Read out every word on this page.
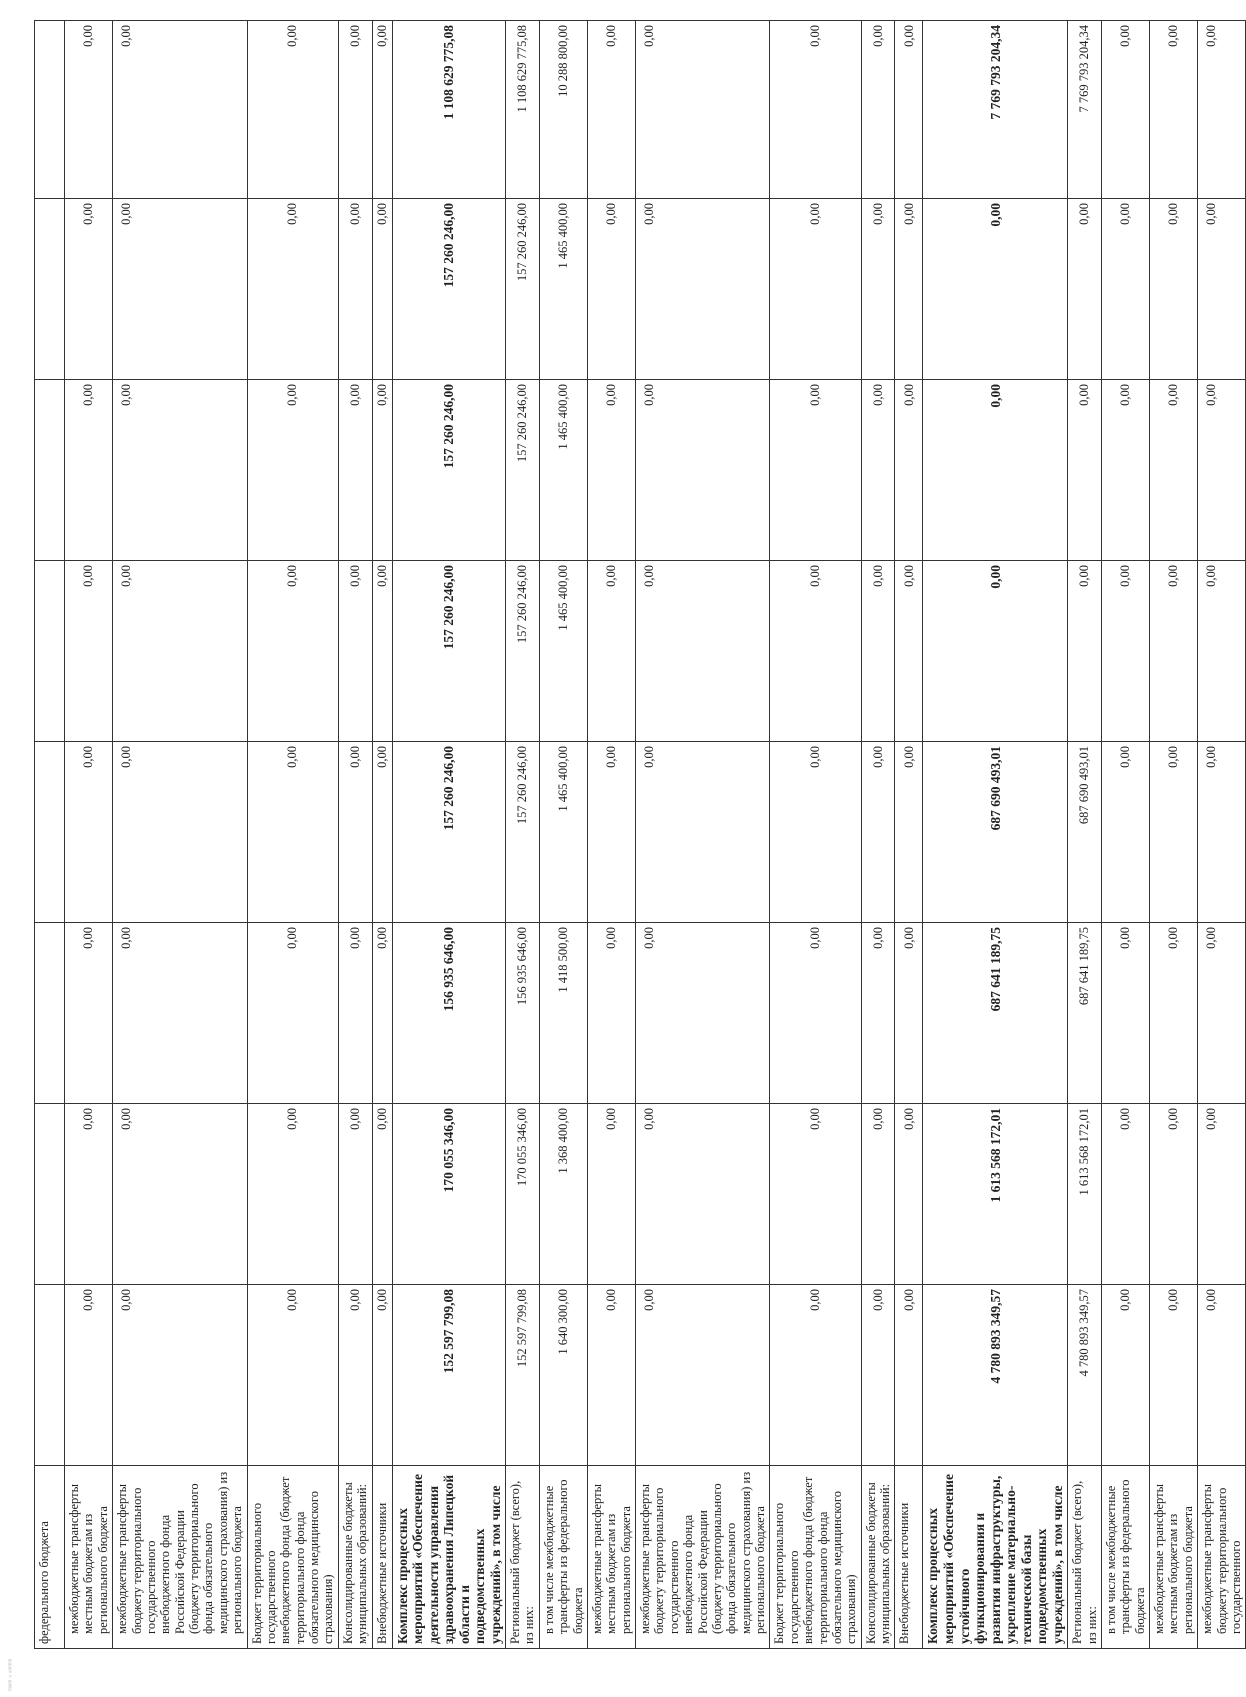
ᵐʷᵐ ⁿ ⁿᵐᵐᵐ
федерального бюджета								
межбюджетные трансферты местным бюджетам из регионального бюджета	0,00	0,00	0,00	0,00	0,00	0,00	0,00	0,00
межбюджетные трансферты бюджету территориального государственного внебюджетного фонда Российской Федерации (бюджету территориального фонда обязательного медицинского страхования) из регионального бюджета	0,00	0,00	0,00	0,00	0,00	0,00	0,00	0,00
Бюджет территориального государственного внебюджетного фонда (бюджет территориального фонда обязательного медицинского страхования)	0,00	0,00	0,00	0,00	0,00	0,00	0,00	0,00
Консолидированные бюджеты муниципальных образований:	0,00	0,00	0,00	0,00	0,00	0,00	0,00	0,00
Внебюджетные источники	0,00	0,00	0,00	0,00	0,00	0,00	0,00	0,00
Комплекс процессных мероприятий «Обеспечение деятельности управления здравоохранения Липецкой области и подведомственных учреждений», в том числе	152 597 799,08	170 055 346,00	156 935 646,00	157 260 246,00	157 260 246,00	157 260 246,00	157 260 246,00	1 108 629 775,08
Региональный бюджет (всего), из них:	152 597 799,08	170 055 346,00	156 935 646,00	157 260 246,00	157 260 246,00	157 260 246,00	157 260 246,00	1 108 629 775,08
в том числе межбюджетные трансферты из федерального бюджета	1 640 300,00	1 368 400,00	1 418 500,00	1 465 400,00	1 465 400,00	1 465 400,00	1 465 400,00	10 288 800,00
межбюджетные трансферты местным бюджетам из регионального бюджета	0,00	0,00	0,00	0,00	0,00	0,00	0,00	0,00
межбюджетные трансферты бюджету территориального государственного внебюджетного фонда Российской Федерации (бюджету территориального фонда обязательного медицинского страхования) из регионального бюджета	0,00	0,00	0,00	0,00	0,00	0,00	0,00	0,00
Бюджет территориального государственного внебюджетного фонда (бюджет территориального фонда обязательного медицинского страхования)	0,00	0,00	0,00	0,00	0,00	0,00	0,00	0,00
Консолидированные бюджеты муниципальных образований:	0,00	0,00	0,00	0,00	0,00	0,00	0,00	0,00
Внебюджетные источники	0,00	0,00	0,00	0,00	0,00	0,00	0,00	0,00
Комплекс процессных мероприятий «Обеспечение устойчивого функционирования и развития инфраструктуры, укрепление материально-технической базы подведомственных учреждений», в том числе	4 780 893 349,57	1 613 568 172,01	687 641 189,75	687 690 493,01	0,00	0,00	0,00	7 769 793 204,34
Региональный бюджет (всего), из них:	4 780 893 349,57	1 613 568 172,01	687 641 189,75	687 690 493,01	0,00	0,00	0,00	7 769 793 204,34
в том числе межбюджетные трансферты из федерального бюджета	0,00	0,00	0,00	0,00	0,00	0,00	0,00	0,00
межбюджетные трансферты местным бюджетам из регионального бюджета	0,00	0,00	0,00	0,00	0,00	0,00	0,00	0,00
межбюджетные трансферты бюджету территориального государственного	0,00	0,00	0,00	0,00	0,00	0,00	0,00	0,00
